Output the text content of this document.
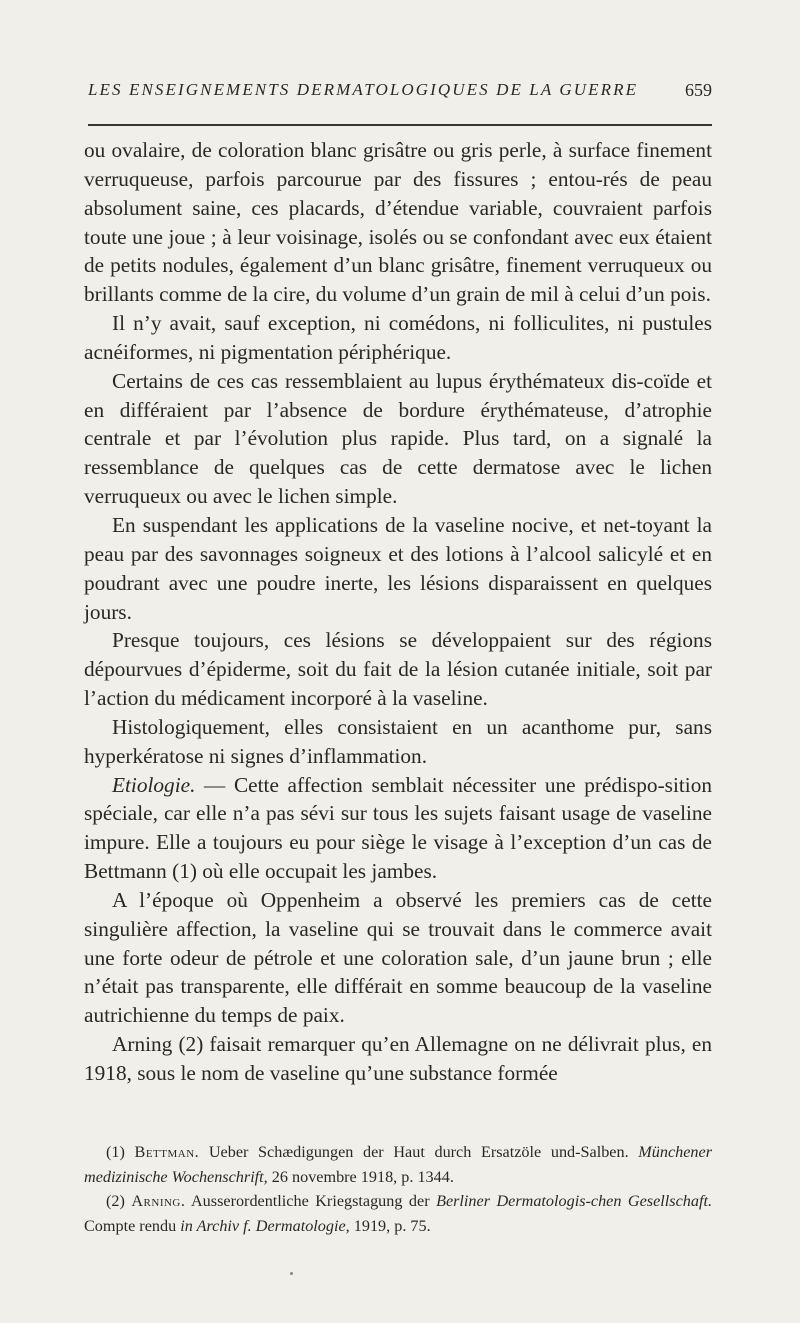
LES ENSEIGNEMENTS DERMATOLOGIQUES DE LA GUERRE	659

ou ovalaire, de coloration blanc grisâtre ou gris perle, à surface finement verruqueuse, parfois parcourue par des fissures ; entou-rés de peau absolument saine, ces placards, d’étendue variable, couvraient parfois toute une joue ; à leur voisinage, isolés ou se confondant avec eux étaient de petits nodules, également d’un blanc grisâtre, finement verruqueux ou brillants comme de la cire, du volume d’un grain de mil à celui d’un pois.

Il n’y avait, sauf exception, ni comédons, ni folliculites, ni pustules acnéiformes, ni pigmentation périphérique.

Certains de ces cas ressemblaient au lupus érythémateux dis-coïde et en différaient par l’absence de bordure érythémateuse, d’atrophie centrale et par l’évolution plus rapide. Plus tard, on a signalé la ressemblance de quelques cas de cette dermatose avec le lichen verruqueux ou avec le lichen simple.

En suspendant les applications de la vaseline nocive, et net-toyant la peau par des savonnages soigneux et des lotions à l’alcool salicylé et en poudrant avec une poudre inerte, les lésions disparaissent en quelques jours.

Presque toujours, ces lésions se développaient sur des régions dépourvues d’épiderme, soit du fait de la lésion cutanée initiale, soit par l’action du médicament incorporé à la vaseline.

Histologiquement, elles consistaient en un acanthome pur, sans hyperkératose ni signes d’inflammation.

Etiologie. — Cette affection semblait nécessiter une prédispo-sition spéciale, car elle n’a pas sévi sur tous les sujets faisant usage de vaseline impure. Elle a toujours eu pour siège le visage à l’exception d’un cas de Bettmann (1) où elle occupait les jambes.

A l’époque où Oppenheim a observé les premiers cas de cette singulière affection, la vaseline qui se trouvait dans le commerce avait une forte odeur de pétrole et une coloration sale, d’un jaune brun ; elle n’était pas transparente, elle différait en somme beaucoup de la vaseline autrichienne du temps de paix.

Arning (2) faisait remarquer qu’en Allemagne on ne délivrait plus, en 1918, sous le nom de vaseline qu’une substance formée

(1) Bettman. Ueber Schædigungen der Haut durch Ersatzöle und-Salben. Münchener medizinische Wochenschrift, 26 novembre 1918, p. 1344.

(2) Arning. Ausserordentliche Kriegstagung der Berliner Dermatologis-chen Gesellschaft. Compte rendu in Archiv f. Dermatologie, 1919, p. 75.
